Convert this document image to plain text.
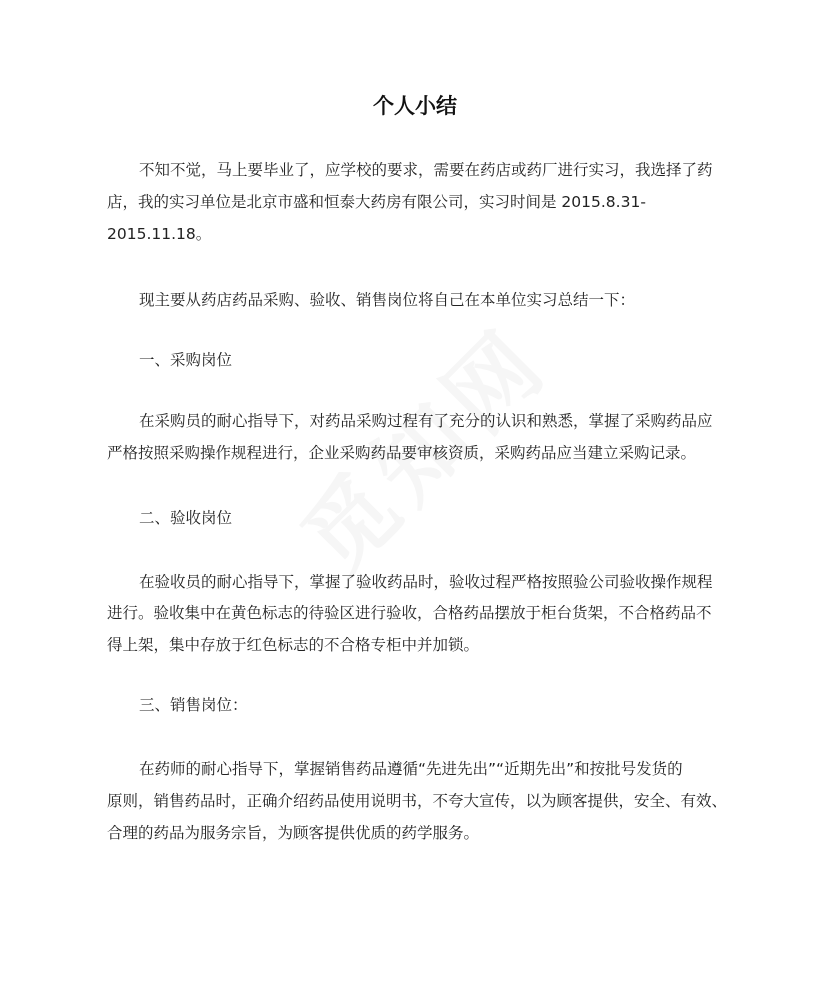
个人小结
不知不觉，马上要毕业了，应学校的要求，需要在药店或药厂进行实习，我选择了药
店，我的实习单位是北京市盛和恒泰大药房有限公司，实习时间是 2015.8.31-
2015.11.18。
现主要从药店药品采购、验收、销售岗位将自己在本单位实习总结一下：
一、采购岗位
在采购员的耐心指导下，对药品采购过程有了充分的认识和熟悉，掌握了采购药品应
严格按照采购操作规程进行，企业采购药品要审核资质，采购药品应当建立采购记录。
二、验收岗位
在验收员的耐心指导下，掌握了验收药品时，验收过程严格按照验公司验收操作规程
进行。验收集中在黄色标志的待验区进行验收，合格药品摆放于柜台货架，不合格药品不
得上架，集中存放于红色标志的不合格专柜中并加锁。
三、销售岗位：
在药师的耐心指导下，掌握销售药品遵循“先进先出”“近期先出”和按批号发货的
原则，销售药品时，正确介绍药品使用说明书，不夸大宣传，以为顾客提供，安全、有效、
合理的药品为服务宗旨，为顾客提供优质的药学服务。
